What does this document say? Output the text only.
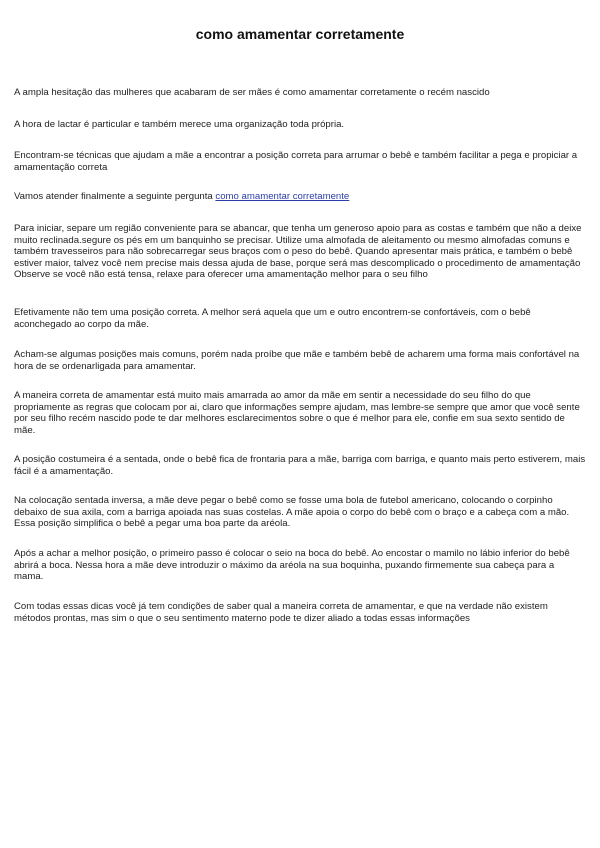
como amamentar corretamente

A ampla hesitação das mulheres que acabaram de ser mães é como amamentar corretamente o recém nascido

A hora de lactar é particular e também merece uma organização toda própria.

Encontram-se técnicas que ajudam a mãe a encontrar a posição correta para arrumar o bebê e também facilitar a pega e propiciar a amamentação correta

Vamos atender finalmente a seguinte pergunta como amamentar corretamente

Para iniciar, separe um região conveniente para se abancar, que tenha um generoso apoio para as costas e também que não a deixe muito reclinada.segure os pés em um banquinho se precisar. Utilize uma almofada de aleitamento ou mesmo almofadas comuns e também travesseiros para não sobrecarregar seus braços com o peso do bebê. Quando apresentar mais prática, e também o bebê estiver maior, talvez você nem precise mais dessa ajuda de base, porque será mas descomplicado o procedimento de amamentação Observe se você não está tensa, relaxe para oferecer uma amamentação melhor para o seu filho

Efetivamente não tem uma posição correta. A melhor será aquela que um e outro encontrem-se confortáveis, com o bebê aconchegado ao corpo da mãe.

Acham-se algumas posições mais comuns, porém nada proíbe que mãe e também bebê de acharem uma forma mais confortável na hora de se ordenarligada para amamentar.

A maneira correta de amamentar está muito mais amarrada ao amor da mãe em sentir a necessidade do seu filho do que propriamente as regras que colocam por ai, claro que informações sempre ajudam, mas lembre-se sempre que amor que você sente por seu filho recém nascido pode te dar melhores esclarecimentos sobre o que é melhor para ele, confie em sua sexto sentido de mãe.

A posição costumeira é a sentada, onde o bebê fica de frontaria para a mãe, barriga com barriga, e quanto mais perto estiverem, mais fácil é a amamentação.

Na colocação sentada inversa, a mãe deve pegar o bebê como se fosse uma bola de futebol americano, colocando o corpinho debaixo de sua axila, com a barriga apoiada nas suas costelas. A mãe apoia o corpo do bebê com o braço e a cabeça com a mão. Essa posição simplifica o bebê a pegar uma boa parte da aréola.

Após a achar a melhor posição, o primeiro passo é colocar o seio na boca do bebê. Ao encostar o mamilo no lábio inferior do bebê abrirá a boca. Nessa hora a mãe deve introduzir o máximo da aréola na sua boquinha, puxando firmemente sua cabeça para a mama.

Com todas essas dicas você já tem condições de saber qual a maneira correta de amamentar, e que na verdade não existem métodos prontas, mas sim o que o seu sentimento materno pode te dizer aliado a todas essas informações
